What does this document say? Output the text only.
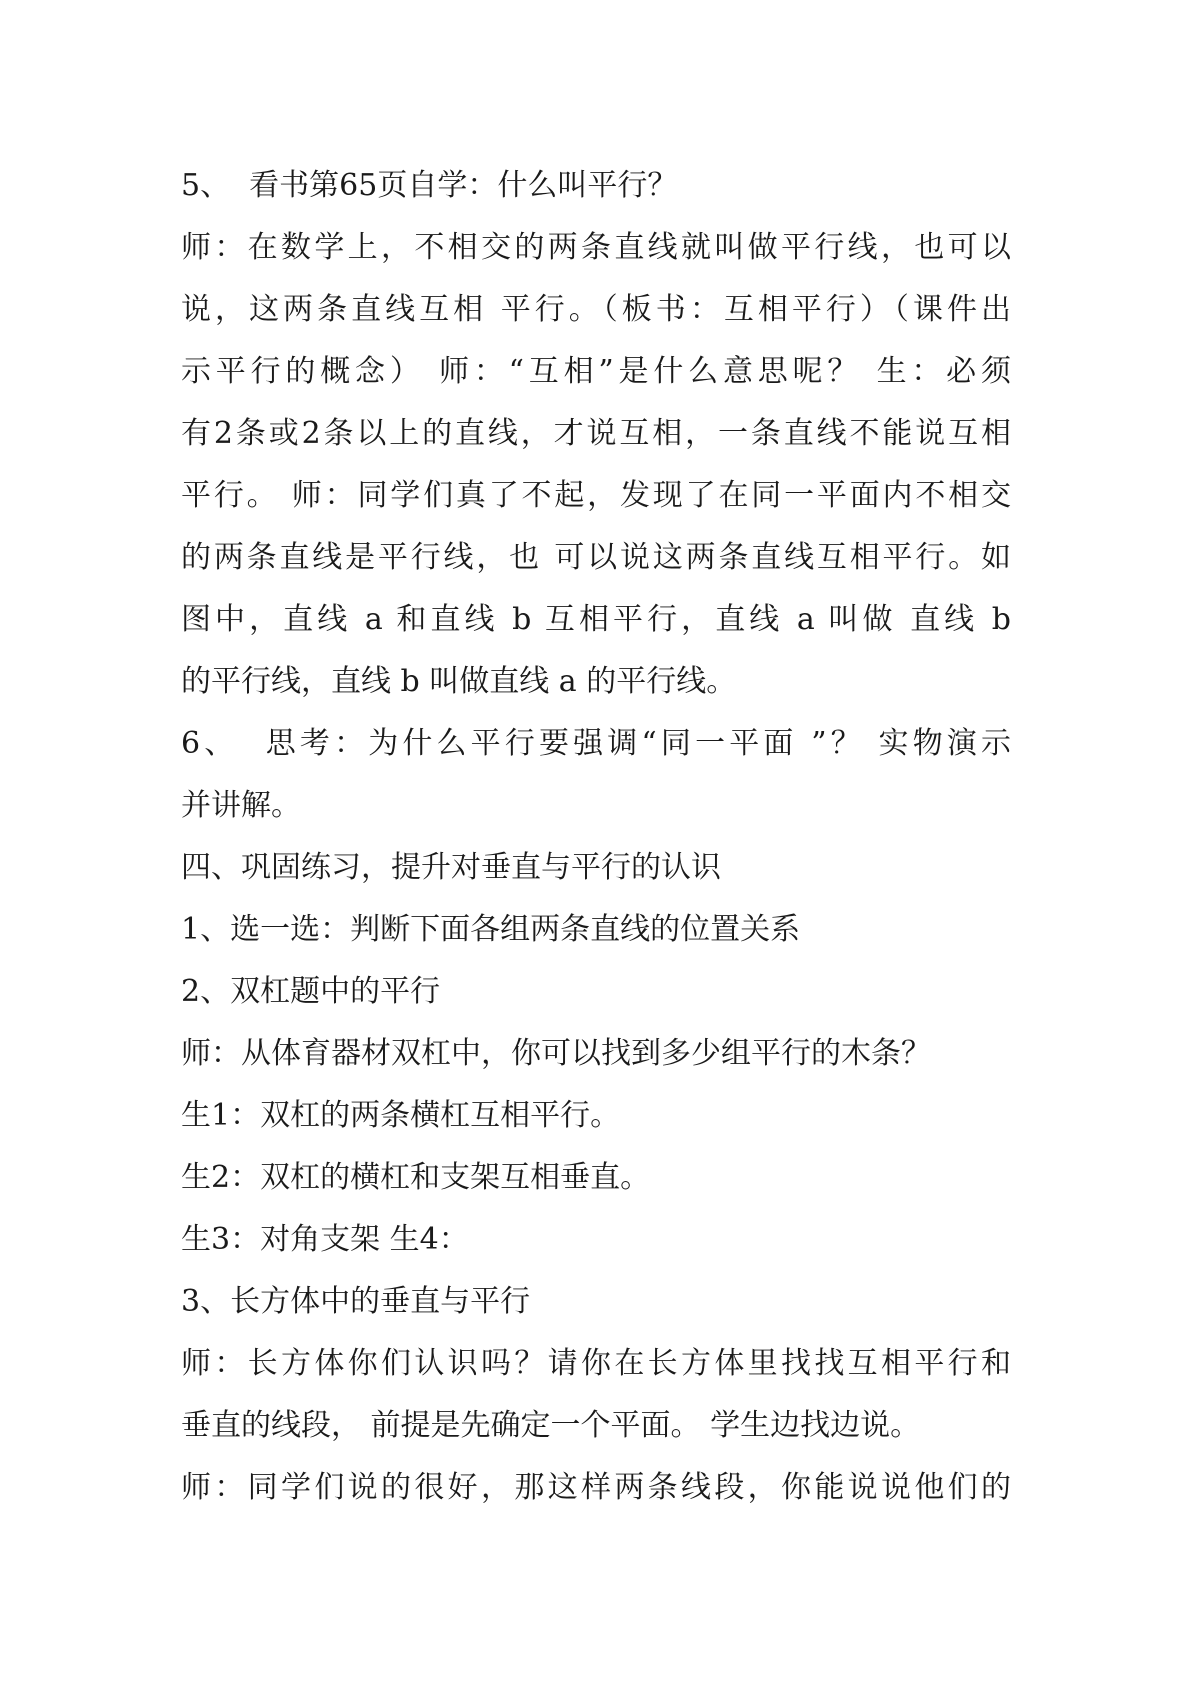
5、  看书第65页自学：什么叫平行？
师：在数学上，不相交的两条直线就叫做平行线，也可以
说，这两条直线互相 平行。（板书：互相平行）（课件出
示平行的概念） 师：“互相”是什么意思呢？ 生：必须
有2条或2条以上的直线，才说互相，一条直线不能说互相
平行。 师：同学们真了不起，发现了在同一平面内不相交
的两条直线是平行线，也 可以说这两条直线互相平行。如
图中，直线 a 和直线 b 互相平行，直线 a 叫做 直线 b
的平行线，直线 b 叫做直线 a 的平行线。
6、  思考：为什么平行要强调“同一平面 ”？ 实物演示
并讲解。
四、巩固练习，提升对垂直与平行的认识
1、选一选：判断下面各组两条直线的位置关系
2、双杠题中的平行
师：从体育器材双杠中，你可以找到多少组平行的木条？
生1：双杠的两条横杠互相平行。
生2：双杠的横杠和支架互相垂直。
生3：对角支架 生4：
3、长方体中的垂直与平行
师：长方体你们认识吗？请你在长方体里找找互相平行和
垂直的线段， 前提是先确定一个平面。 学生边找边说。
师：同学们说的很好，那这样两条线段，你能说说他们的
